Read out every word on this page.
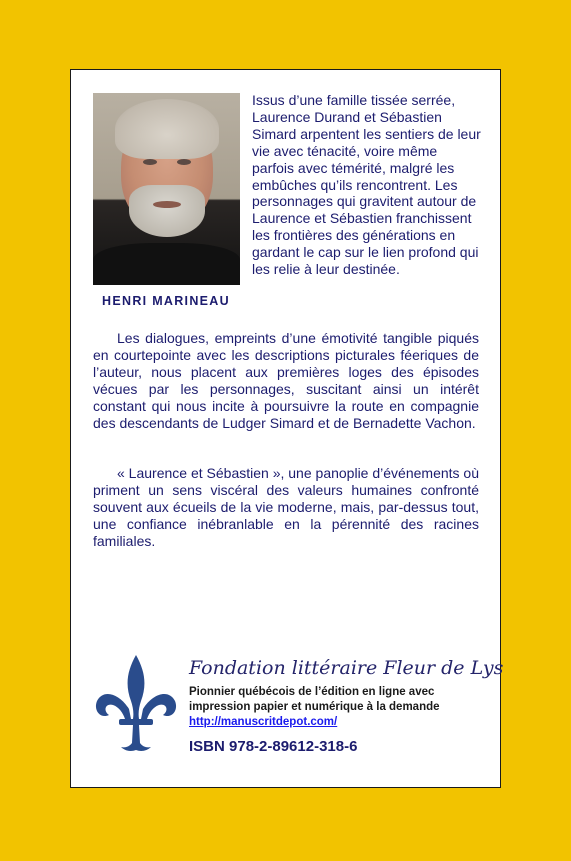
HENRI MARINEAU

Issus d’une famille tissée serrée, Laurence Durand et Sébastien Simard arpentent les sentiers de leur vie avec ténacité, voire même parfois avec témérité, malgré les embûches qu’ils rencontrent. Les personnages qui gravitent autour de Laurence et Sébastien franchissent les frontières des générations en gardant le cap sur le lien profond qui les relie à leur destinée.

Les dialogues, empreints d’une émotivité tangible piqués en courtepointe avec les descriptions picturales féeriques de l’auteur, nous placent aux premières loges des épisodes vécues par les personnages, suscitant ainsi un intérêt constant qui nous incite à poursuivre la route en compagnie des descendants de Ludger Simard et de Bernadette Vachon.

« Laurence et Sébastien », une panoplie d’événements où priment un sens viscéral des valeurs humaines confronté souvent aux écueils de la vie moderne, mais, par-dessus tout, une confiance inébranlable en la pérennité des racines familiales.

Fondation littéraire Fleur de Lys
Pionnier québécois de l’édition en ligne avec impression papier et numérique à la demande
http://manuscritdepot.com/
ISBN 978-2-89612-318-6
